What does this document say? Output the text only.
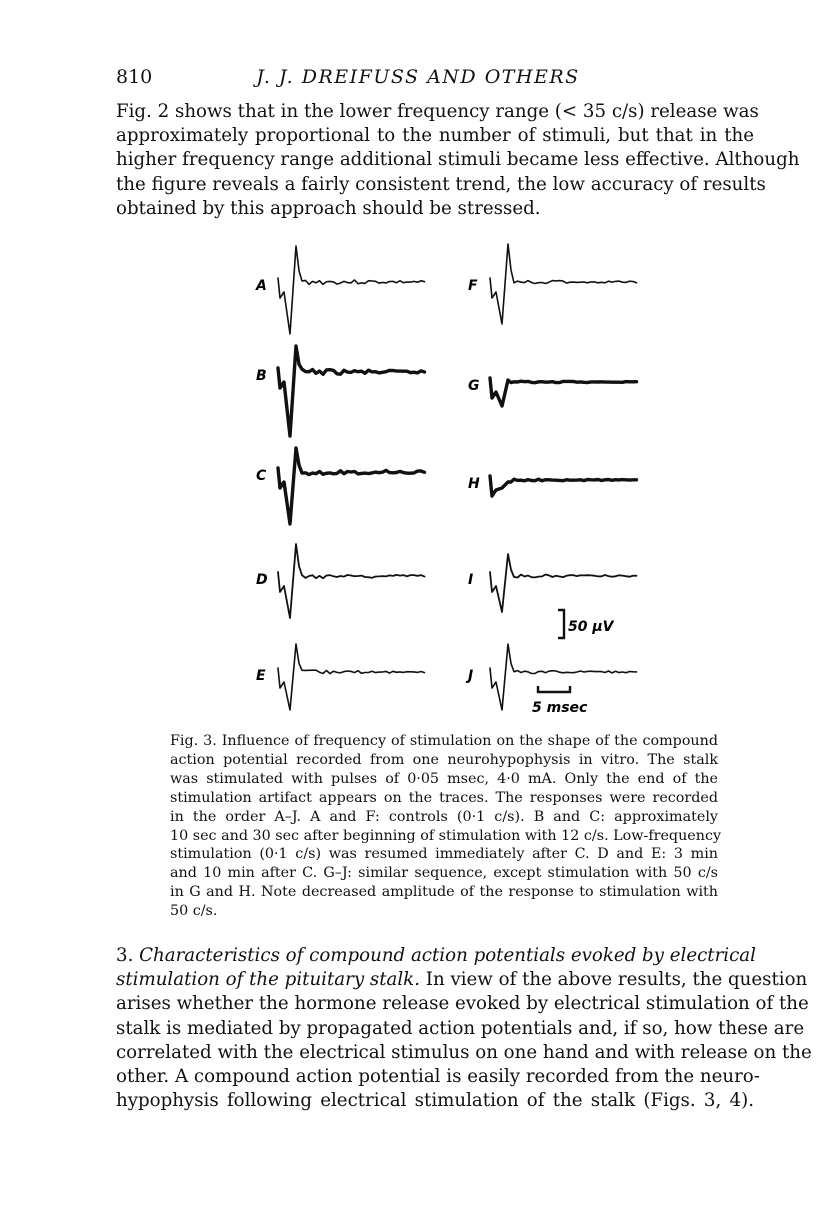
810	J. J. DREIFUSS AND OTHERS
Fig. 2 shows that in the lower frequency range (< 35 c/s) release was
approximately proportional to the number of stimuli, but that in the
higher frequency range additional stimuli became less effective. Although
the figure reveals a fairly consistent trend, the low accuracy of results
obtained by this approach should be stressed.
A
B
C
D
E
F
G
H
I
J
50 μV
5 msec
Fig. 3. Influence of frequency of stimulation on the shape of the compound
action potential recorded from one neurohypophysis in vitro. The stalk
was stimulated with pulses of 0·05 msec, 4·0 mA. Only the end of the
stimulation artifact appears on the traces. The responses were recorded
in the order A–J. A and F: controls (0·1 c/s). B and C: approximately
10 sec and 30 sec after beginning of stimulation with 12 c/s. Low-frequency
stimulation (0·1 c/s) was resumed immediately after C. D and E: 3 min
and 10 min after C. G–J: similar sequence, except stimulation with 50 c/s
in G and H. Note decreased amplitude of the response to stimulation with
50 c/s.
3. Characteristics of compound action potentials evoked by electrical
stimulation of the pituitary stalk. In view of the above results, the question
arises whether the hormone release evoked by electrical stimulation of the
stalk is mediated by propagated action potentials and, if so, how these are
correlated with the electrical stimulus on one hand and with release on the
other. A compound action potential is easily recorded from the neuro-
hypophysis following electrical stimulation of the stalk (Figs. 3, 4).
